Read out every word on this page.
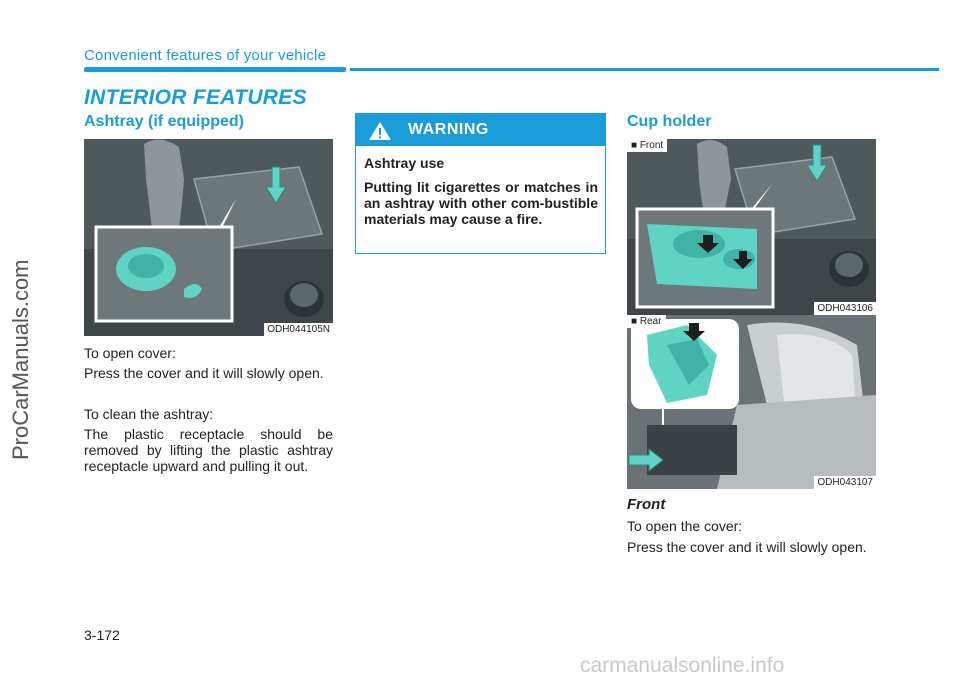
Convenient features of your vehicle
INTERIOR FEATURES
ProCarManuals.com
Ashtray (if equipped)
ODH044105N
To open cover:
Press the cover and it will slowly open.
To clean the ashtray:
The plastic receptacle should be removed by lifting the plastic ashtray receptacle upward and pulling it out.
WARNING
Ashtray use
Putting lit cigarettes or matches in an ashtray with other com-bustible materials may cause a fire.
Cup holder
■ Front
ODH043106
■ Rear
ODH043107
Front
To open the cover:
Press the cover and it will slowly open.
3-172
carmanualsonline.info
